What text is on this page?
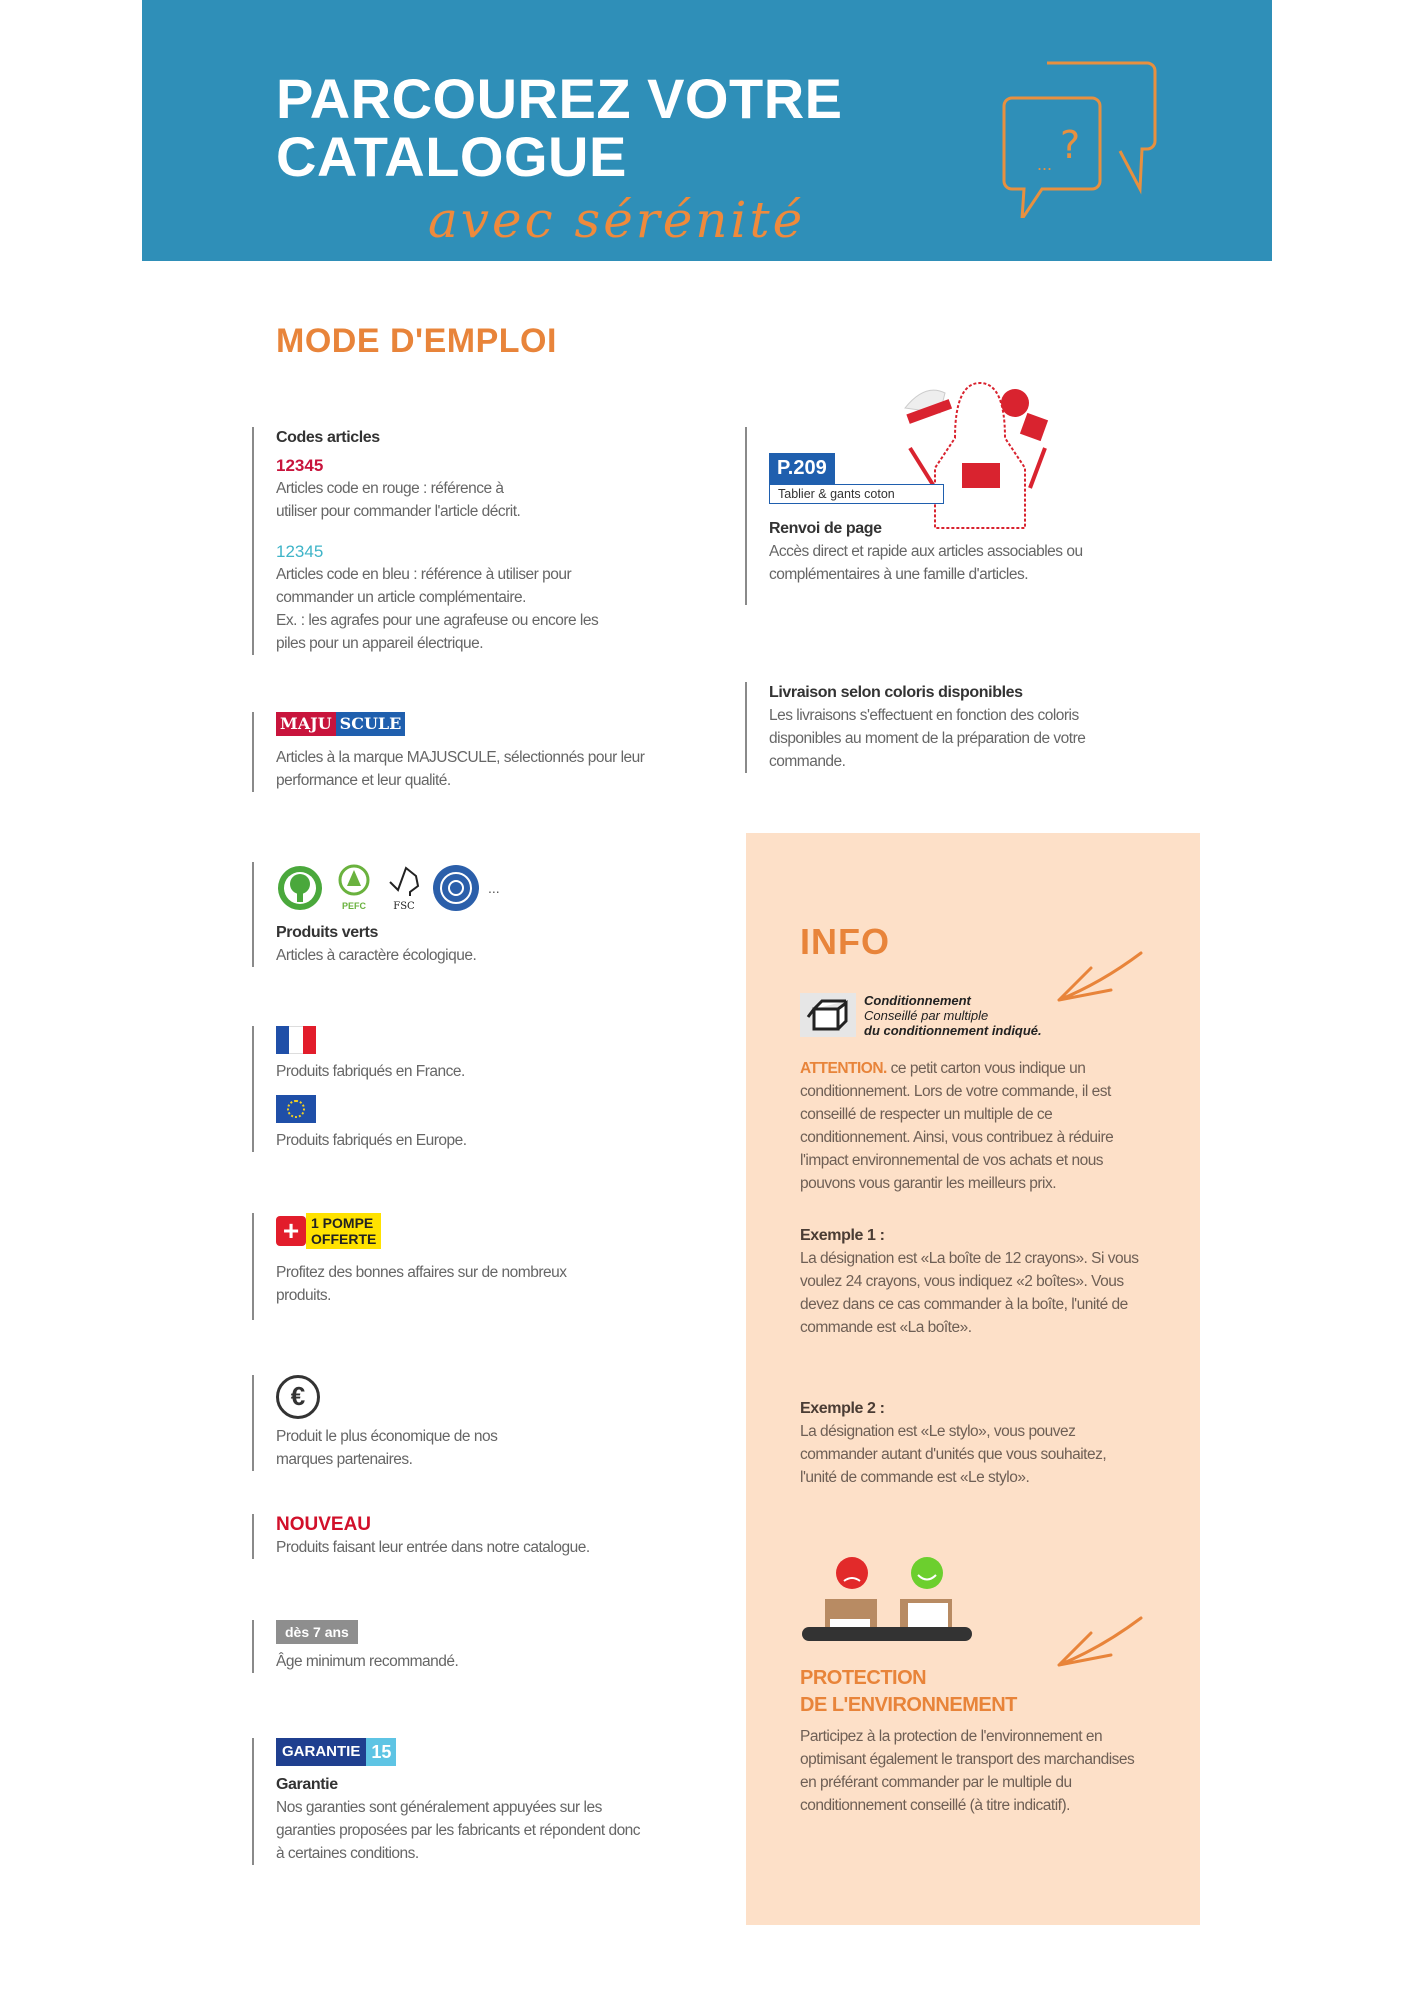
PARCOUREZ VOTRE
CATALOGUE
avec sérénité
?
...
MODE D'EMPLOI
Codes articles
12345
Articles code en rouge : référence à utiliser pour commander l'article décrit.
12345
Articles code en bleu : référence à utiliser pour commander un article complémentaire.
Ex. : les agrafes pour une agrafeuse ou encore les piles pour un appareil électrique.
MAJU SCULE
Articles à la marque MAJUSCULE, sélectionnés pour leur performance et leur qualité.
PEFC	FSC
...
Produits verts
Articles à caractère écologique.
Produits fabriqués en France.
Produits fabriqués en Europe.
+ 1 POMPE
OFFERTE
Profitez des bonnes affaires sur de nombreux produits.
€
Produit le plus économique de nos marques partenaires.
NOUVEAU
Produits faisant leur entrée dans notre catalogue.
dès 7 ans
Âge minimum recommandé.
GARANTIE 15
Garantie
Nos garanties sont généralement appuyées sur les garanties proposées par les fabricants et répondent donc à certaines conditions.
P.209
Tablier & gants coton
Renvoi de page
Accès direct et rapide aux articles associables ou complémentaires à une famille d'articles.
Livraison selon coloris disponibles
Les livraisons s'effectuent en fonction des coloris disponibles au moment de la préparation de votre commande.
INFO
Conditionnement
Conseillé par multiple
du conditionnement indiqué.
ATTENTION. ce petit carton vous indique un conditionnement. Lors de votre commande, il est conseillé de respecter un multiple de ce conditionnement. Ainsi, vous contribuez à réduire l'impact environnemental de vos achats et nous pouvons vous garantir les meilleurs prix.
Exemple 1 :
La désignation est «La boîte de 12 crayons». Si vous voulez 24 crayons, vous indiquez «2 boîtes». Vous devez dans ce cas commander à la boîte, l'unité de commande est «La boîte».
Exemple 2 :
La désignation est «Le stylo», vous pouvez commander autant d'unités que vous souhaitez, l'unité de commande est «Le stylo».
PROTECTION
DE L'ENVIRONNEMENT
Participez à la protection de l'environnement en optimisant également le transport des marchandises en préférant commander par le multiple du conditionnement conseillé (à titre indicatif).
